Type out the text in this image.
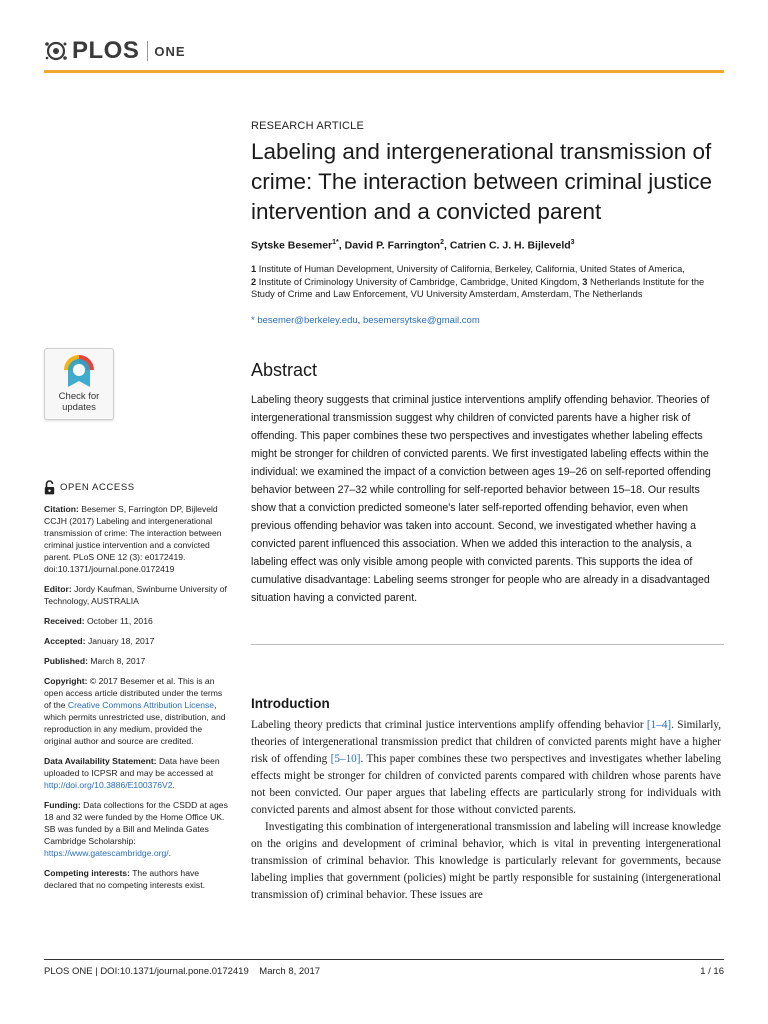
PLOS ONE
RESEARCH ARTICLE
Labeling and intergenerational transmission of crime: The interaction between criminal justice intervention and a convicted parent
Sytske Besemer$^{1*}$, David P. Farrington$^2$, Catrien C. J. H. Bijleveld$^3$
1 Institute of Human Development, University of California, Berkeley, California, United States of America,
2 Institute of Criminology University of Cambridge, Cambridge, United Kingdom, 3 Netherlands Institute for the Study of Crime and Law Enforcement, VU University Amsterdam, Amsterdam, The Netherlands
* besemer@berkeley.edu, besemersytske@gmail.com
Check for
updates
OPEN ACCESS
Citation: Besemer S, Farrington DP, Bijleveld CCJH (2017) Labeling and intergenerational transmission of crime: The interaction between criminal justice intervention and a convicted parent. PLoS ONE 12 (3): e0172419. doi:10.1371/journal.pone.0172419
Editor: Jordy Kaufman, Swinburne University of Technology, AUSTRALIA
Received: October 11, 2016
Accepted: January 18, 2017
Published: March 8, 2017
Copyright: © 2017 Besemer et al. This is an open access article distributed under the terms of the Creative Commons Attribution License, which permits unrestricted use, distribution, and reproduction in any medium, provided the original author and source are credited.
Data Availability Statement: Data have been uploaded to ICPSR and may be accessed at http://doi.org/10.3886/E100376V2.
Funding: Data collections for the CSDD at ages 18 and 32 were funded by the Home Office UK. SB was funded by a Bill and Melinda Gates Cambridge Scholarship: https://www.gatescambridge.org/.
Competing interests: The authors have declared that no competing interests exist.
Abstract

Labeling theory suggests that criminal justice interventions amplify offending behavior. Theories of intergenerational transmission suggest why children of convicted parents have a higher risk of offending. This paper combines these two perspectives and investigates whether labeling effects might be stronger for children of convicted parents. We first investigated labeling effects within the individual: we examined the impact of a conviction between ages 19–26 on self-reported offending behavior between 27–32 while controlling for self-reported behavior between 15–18. Our results show that a conviction predicted someone's later self-reported offending behavior, even when previous offending behavior was taken into account. Second, we investigated whether having a convicted parent influenced this association. When we added this interaction to the analysis, a labeling effect was only visible among people with convicted parents. This supports the idea of cumulative disadvantage: Labeling seems stronger for people who are already in a disadvantaged situation having a convicted parent.

Introduction

Labeling theory predicts that criminal justice interventions amplify offending behavior [1–4]. Similarly, theories of intergenerational transmission predict that children of convicted parents might have a higher risk of offending [5–10]. This paper combines these two perspectives and investigates whether labeling effects might be stronger for children of convicted parents compared with children whose parents have not been convicted. Our paper argues that labeling effects are particularly strong for individuals with convicted parents and almost absent for those without convicted parents.

Investigating this combination of intergenerational transmission and labeling will increase knowledge on the origins and development of criminal behavior, which is vital in preventing intergenerational transmission of criminal behavior. This knowledge is particularly relevant for governments, because labeling implies that government (policies) might be partly responsible for sustaining (intergenerational transmission of) criminal behavior. These issues are

PLOS ONE | DOI:10.1371/journal.pone.0172419    March 8, 2017	1 / 16
